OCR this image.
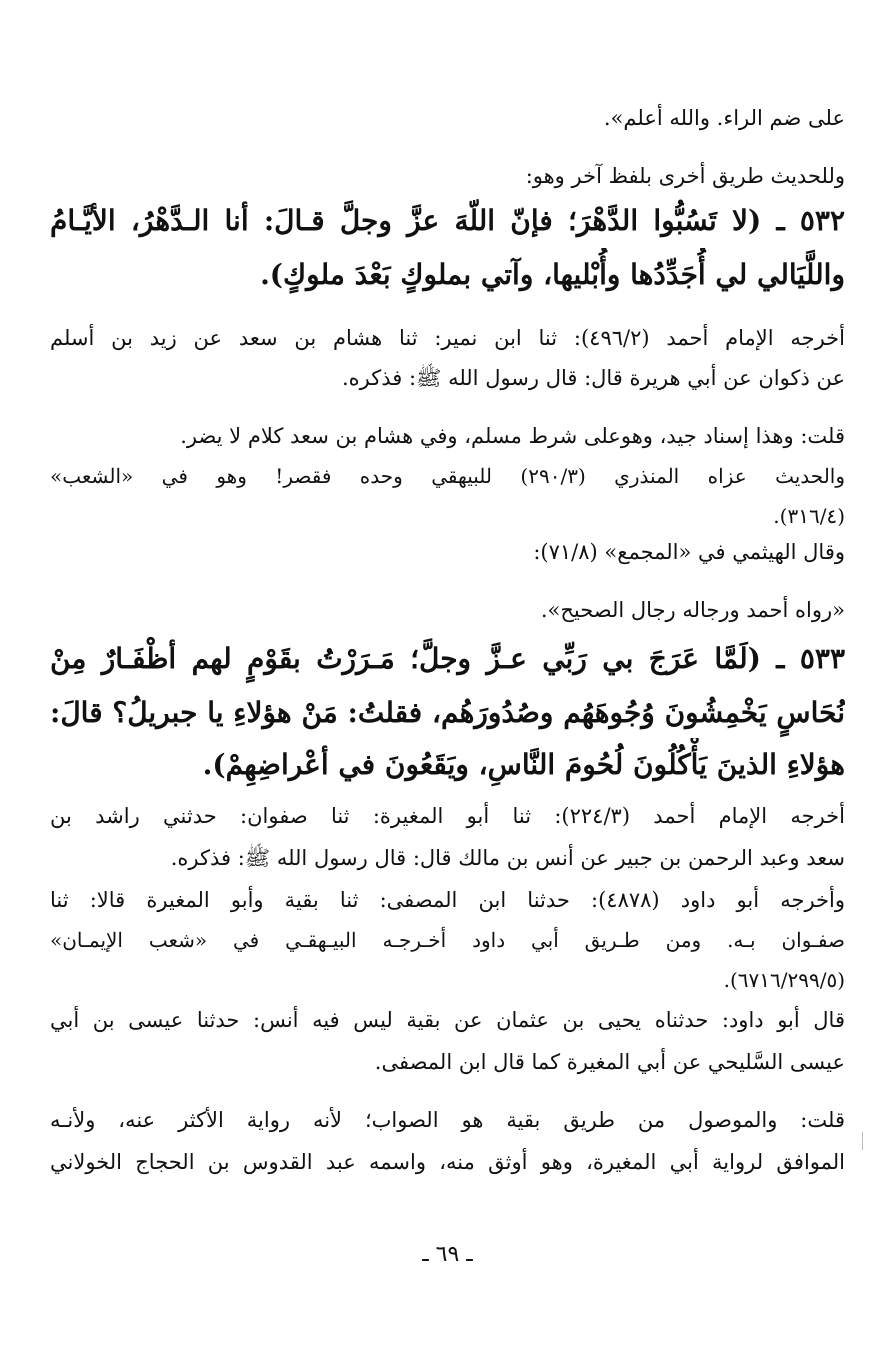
على ضم الراء. والله أعلم».
وللحديث طريق أخرى بلفظ آخر وهو:
٥٣٢ ـ (لا تَسُبُّوا الدَّهْرَ؛ فإنّ اللّهَ عزَّ وجلَّ قـالَ: أنا الـدَّهْرُ، الأيَّـامُ
واللَّيَالي لي أُجَدِّدُها وأُبْليها، وآتي بملوكٍ بَعْدَ ملوكٍ).
أخرجه الإمام أحمد (٤٩٦/٢): ثنا ابن نمير: ثنا هشام بن سعد عن زيد بن أسلم
عن ذكوان عن أبي هريرة قال: قال رسول الله ﷺ: فذكره.
قلت: وهذا إسناد جيد، وهوعلى شرط مسلم، وفي هشام بن سعد كلام لا يضر.
والحديث عزاه المنذري (٢٩٠/٣) للبيهقي وحده فقصر! وهو في «الشعب»
(٣١٦/٤).
وقال الهيثمي في «المجمع» (٧١/٨):
«رواه أحمد ورجاله رجال الصحيح».
٥٣٣ ـ (لَمَّا عَرَجَ بي رَبِّي عـزَّ وجلَّ؛ مَـرَرْتُ بقَوْمٍ لهم أظْفَـارٌ مِنْ
نُحَاسٍ يَخْمِشُونَ وُجُوهَهُم وصُدُورَهُم، فقلتُ: مَنْ هؤلاءِ يا جبريلُ؟ قالَ:
هؤلاءِ الذينَ يَأْكُلُونَ لُحُومَ النَّاسِ، ويَقَعُونَ في أعْراضِهِمْ).
أخرجه الإمام أحمد (٢٢٤/٣): ثنا أبو المغيرة: ثنا صفوان: حدثني راشد بن
سعد وعبد الرحمن بن جبير عن أنس بن مالك قال: قال رسول الله ﷺ: فذكره.
وأخرجه أبو داود (٤٨٧٨): حدثنا ابن المصفى: ثنا بقية وأبو المغيرة قالا: ثنا
صفـوان بـه. ومن طـريق أبي داود أخـرجـه البيـهقـي في «شعب الإيمـان»
(٦٧١٦/٢٩٩/٥).
قال أبو داود: حدثناه يحيى بن عثمان عن بقية ليس فيه أنس: حدثنا عيسى بن أبي
عيسى السَّليحي عن أبي المغيرة كما قال ابن المصفى.
قلت: والموصول من طريق بقية هو الصواب؛ لأنه رواية الأكثر عنه، ولأنـه
الموافق لرواية أبي المغيرة، وهو أوثق منه، واسمه عبد القدوس بن الحجاج الخولاني
ـ ٦٩ ـ
